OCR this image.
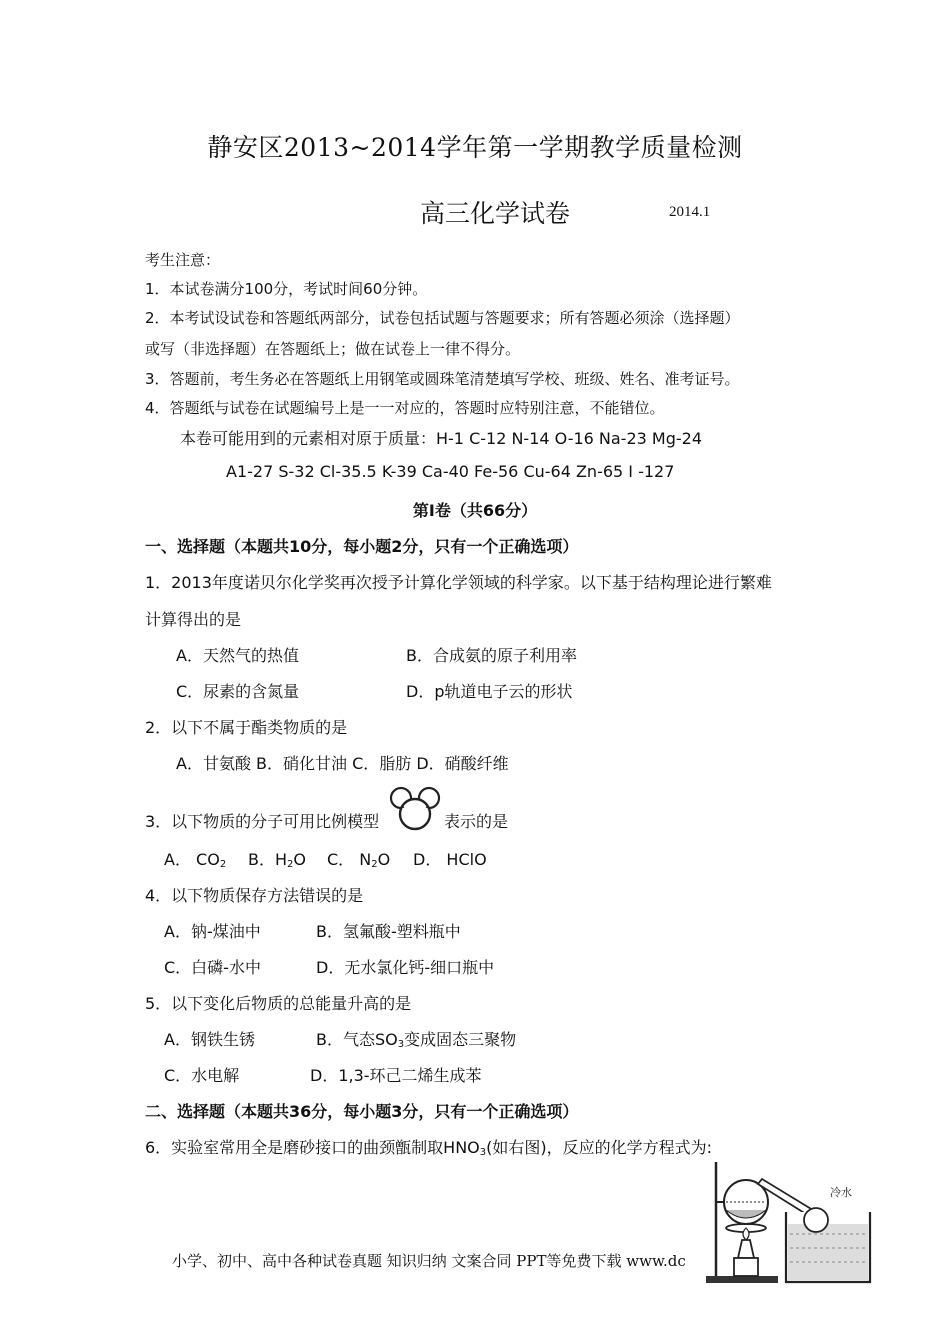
静安区2013~2014学年第一学期教学质量检测
高三化学试卷	2014.1
考生注意：
1．本试卷满分100分，考试时间60分钟。
2．本考试设试卷和答题纸两部分，试卷包括试题与答题要求；所有答题必须涂（选择题）
或写（非选择题）在答题纸上；做在试卷上一律不得分。
3．答题前，考生务必在答题纸上用钢笔或圆珠笔清楚填写学校、班级、姓名、准考证号。
4．答题纸与试卷在试题编号上是一一对应的，答题时应特别注意，不能错位。
本卷可能用到的元素相对原于质量：H-1 C-12 N-14 O-16 Na-23 Mg-24
A1-27 S-32 Cl-35.5 K-39 Ca-40 Fe-56 Cu-64 Zn-65 I -127
第I卷（共66分）
一、选择题（本题共10分，每小题2分，只有一个正确选项）
1．2013年度诺贝尔化学奖再次授予计算化学领域的科学家。以下基于结构理论进行繁难
计算得出的是
A．天然气的热值	B．合成氨的原子利用率
C．尿素的含氮量	D．p轨道电子云的形状
2．以下不属于酯类物质的是
A．甘氨酸 B．硝化甘油 C．脂肪 D．硝酸纤维
3．以下物质的分子可用比例模型	表示的是
A． $CO_2$ B．$H_2O$ C． $N_2O$ D． HClO
4．以下物质保存方法错误的是
A．钠-煤油中	B．氢氟酸-塑料瓶中
C．白磷-水中	D．无水氯化钙-细口瓶中
5．以下变化后物质的总能量升高的是
A．钢铁生锈	B．气态$SO_3$变成固态三聚物
C．水电解	D．1,3-环己二烯生成苯
二、选择题（本题共36分，每小题3分，只有一个正确选项）
6．实验室常用全是磨砂接口的曲颈甑制取$HNO_3$(如右图)，反应的化学方程式为:
冷水
小学、初中、高中各种试卷真题 知识归纳 文案合同 PPT等免费下载 www.dc
